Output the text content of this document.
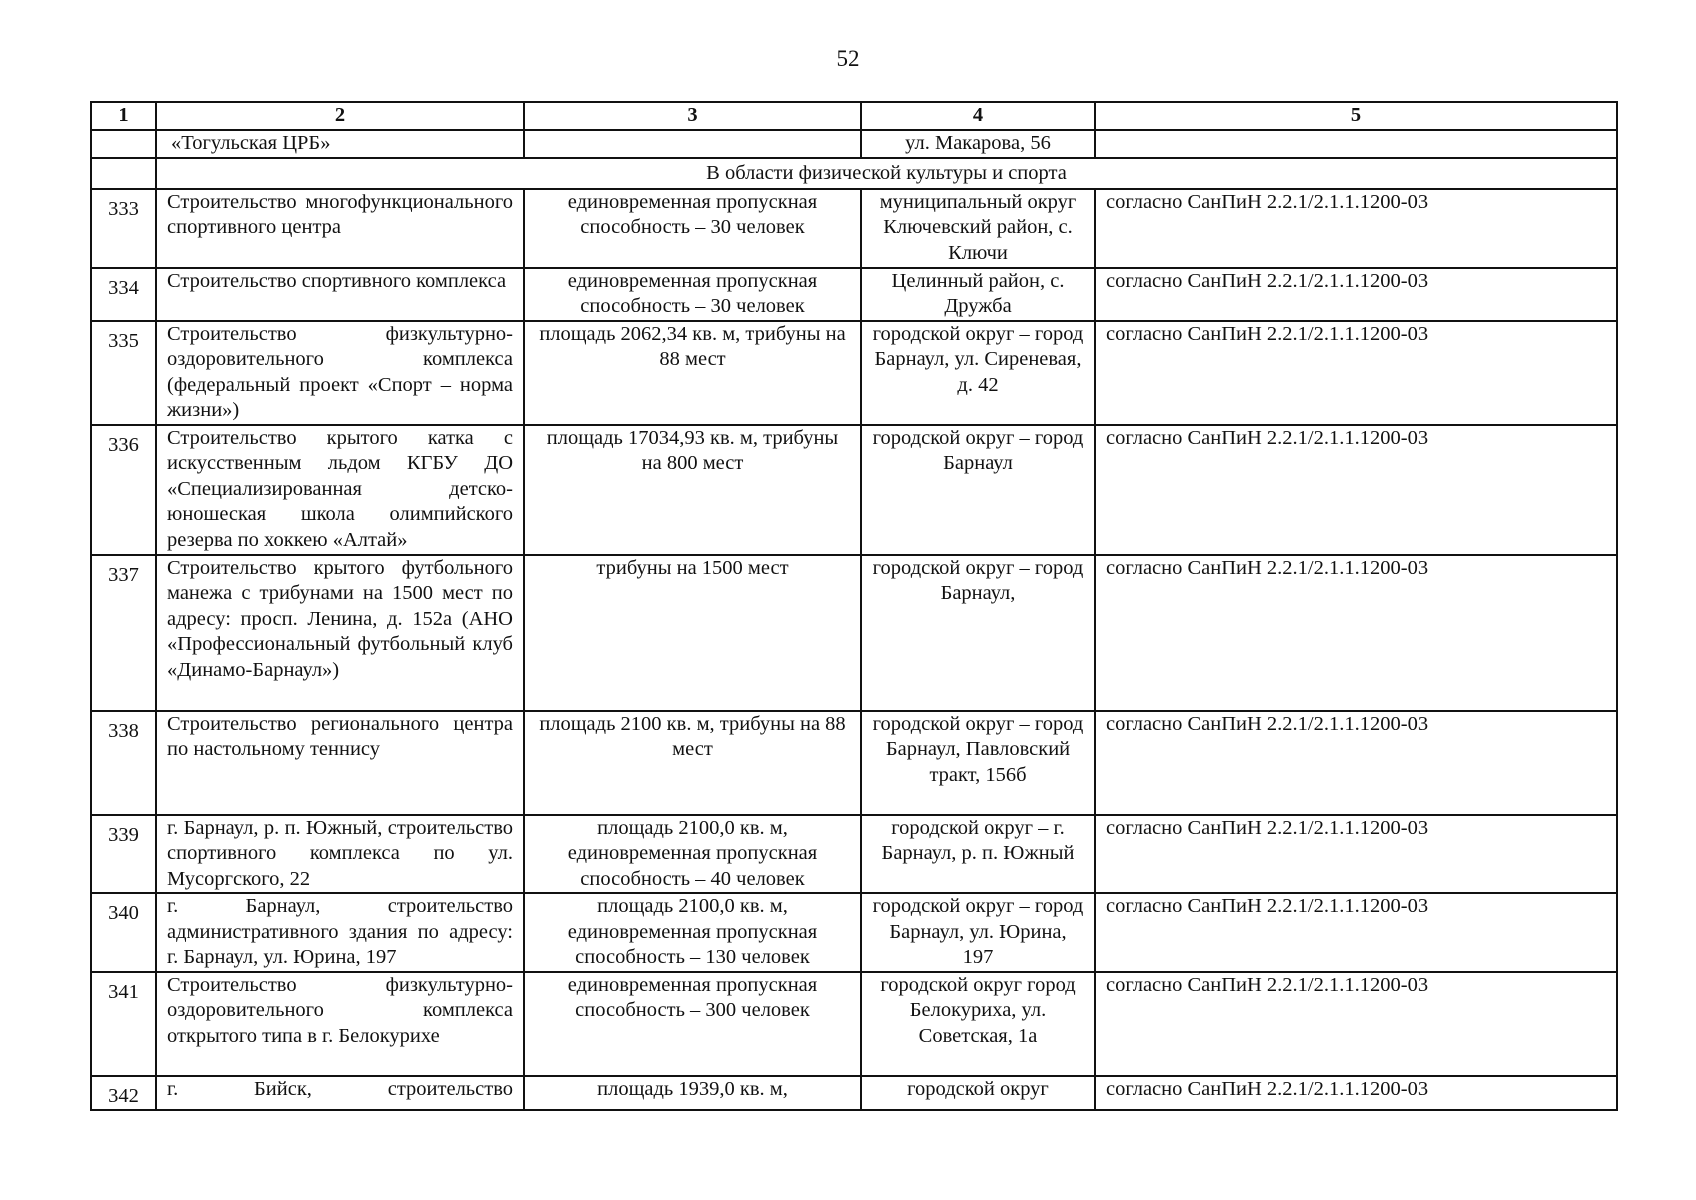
52
1	2	3	4	5
	«Тогульская ЦРБ»		ул. Макарова, 56	
	В области физической культуры и спорта			

333	Строительство многофункционального спортивного центра	единовременная пропускная способность – 30 человек	муниципальный округ Ключевский район, с. Ключи	согласно СанПиН 2.2.1/2.1.1.1200-03

334	Строительство спортивного комплекса	единовременная пропускная способность – 30 человек	Целинный район, с. Дружба	согласно СанПиН 2.2.1/2.1.1.1200-03

335	Строительство физкультурно-оздоровительного комплекса (федеральный проект «Спорт – норма жизни»)	площадь 2062,34 кв. м, трибуны на 88 мест	городской округ – город Барнаул, ул. Сиреневая, д. 42	согласно СанПиН 2.2.1/2.1.1.1200-03

336	Строительство крытого катка с искусственным льдом КГБУ ДО «Специализированная детско-юношеская школа олимпийского резерва по хоккею «Алтай»	площадь 17034,93 кв. м, трибуны на 800 мест	городской округ – город Барнаул	согласно СанПиН 2.2.1/2.1.1.1200-03

337	Строительство крытого футбольного манежа с трибунами на 1500 мест по адресу: просп. Ленина, д. 152а (АНО «Профессиональный футбольный клуб «Динамо-Барнаул»)	трибуны на 1500 мест	городской округ – город Барнаул,	согласно СанПиН 2.2.1/2.1.1.1200-03

338	Строительство регионального центра по настольному теннису	площадь 2100 кв. м, трибуны на 88 мест	городской округ – город Барнаул, Павловский тракт, 156б	согласно СанПиН 2.2.1/2.1.1.1200-03

339	г. Барнаул, р. п. Южный, строительство спортивного комплекса по ул. Мусоргского, 22	площадь 2100,0 кв. м, единовременная пропускная способность – 40 человек	городской округ – г. Барнаул, р. п. Южный	согласно СанПиН 2.2.1/2.1.1.1200-03

340	г. Барнаул, строительство административного здания по адресу: г. Барнаул, ул. Юрина, 197	площадь 2100,0 кв. м, единовременная пропускная способность – 130 человек	городской округ – город Барнаул, ул. Юрина, 197	согласно СанПиН 2.2.1/2.1.1.1200-03

341	Строительство физкультурно-оздоровительного комплекса открытого типа в г. Белокурихе	единовременная пропускная способность – 300 человек	городской округ город Белокуриха, ул. Советская, 1а	согласно СанПиН 2.2.1/2.1.1.1200-03

342	г. Бийск, строительство	площадь 1939,0 кв. м,	городской округ	согласно СанПиН 2.2.1/2.1.1.1200-03
